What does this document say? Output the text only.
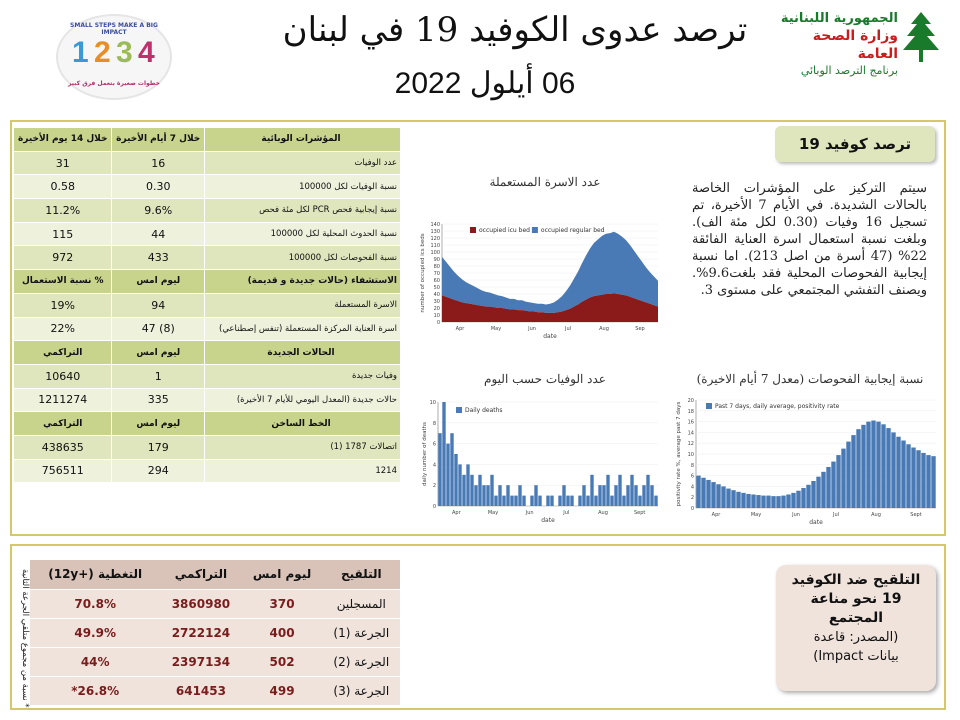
ترصد عدوى الكوفيد 19 في لبنان
06 أيلول 2022
الجمهورية اللبنانية
وزارة الصحة العامة
برنامج الترصد الوبائي
SMALL STEPS MAKE A BIG IMPACT
1 2 3 4
خطوات صغيرة بتعمل فرق كبير
المؤشرات الوبائية	خلال 7 أيام الأخيرة	خلال 14 يوم الأخيرة
عدد الوفيات	16	31
نسبة الوفيات لكل 100000	0.30	0.58
نسبة إيجابية فحص PCR لكل مئة فحص	9.6%	11.2%
نسبة الحدوث المحلية لكل 100000	44	115
نسبة الفحوصات لكل 100000	433	972
الاستشفاء (حالات جديدة و قديمة)	ليوم امس	% نسبة الاستعمال
الاسرة المستعملة	94	19%
اسرة العناية المركزة المستعملة (تنفس إصطناعي)	(8) 47	22%
الحالات الجديدة	ليوم امس	التراكمي
وفيات جديدة	1	10640
حالات جديدة (المعدل اليومي للأيام 7 الأخيرة)	335	1211274
الخط الساخن	ليوم امس	التراكمي
اتصالات 1787 (1)	179	438635
1214	294	756511
ترصد كوفيد 19
سيتم التركيز على المؤشرات الخاصة بالحالات الشديدة. في الأيام 7 الأخيرة، تم تسجيل 16 وفيات (0.30 لكل مئة الف). وبلغت نسبة استعمال اسرة العناية الفائقة 22% (47 أسرة من اصل 213). اما نسبة إيجابية الفحوصات المحلية فقد بلغت9.6%. ويصنف التفشي المجتمعي على مستوى 3.
عدد الاسرة المستعملة
عدد الوفيات حسب اليوم	نسبة إيجابية الفحوصات (معدل 7 أيام الاخيرة)
0
10
20
30
40
50
60
70
80
90
100
110
120
130
140
Apr	May	Jun	Jul	Aug	Sep
date
number of occupied ics beds
occupied icu bed occupied regular bed
0
2
4
6
8
10
Apr	May	Jun	Jul	Aug	Sept
date
daily number of deaths
Daily deaths
0
2
4
6
8
10
12
14
16
18
20
Apr	May	Jun	Jul	Aug	Sept
date
positivity rate %, average past 7 days	Past 7 days, daily average, positivity rate
* نسبة من مجموع متلقي الجرعة الثانية	التلقيح	ليوم امس	التراكمي	التغطية (+12y)
المسجلين	370	3860980	70.8%
الجرعة (1)	400	2722124	49.9%
الجرعة (2)	502	2397134	44%
الجرعة (3)	499	641453	26.8%*
التلقيح ضد الكوفيد
19 نحو مناعة
المجتمع
(المصدر: قاعدة
بيانات Impact)
